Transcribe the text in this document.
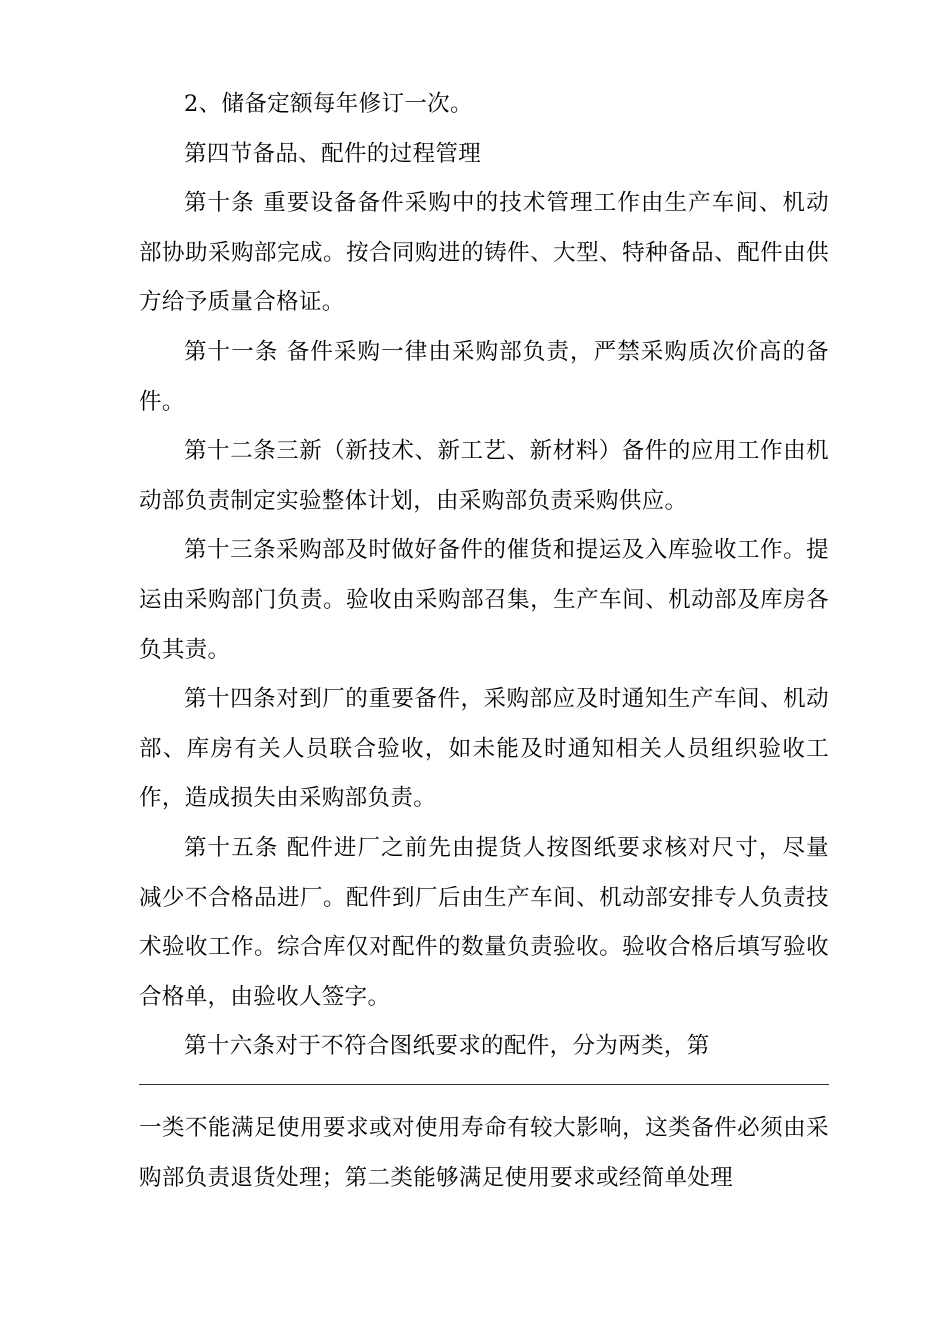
2、储备定额每年修订一次。

第四节备品、配件的过程管理

第十条 重要设备备件采购中的技术管理工作由生产车间、机动部协助采购部完成。按合同购进的铸件、大型、特种备品、配件由供方给予质量合格证。

第十一条 备件采购一律由采购部负责，严禁采购质次价高的备件。

第十二条三新（新技术、新工艺、新材料）备件的应用工作由机动部负责制定实验整体计划，由采购部负责采购供应。

第十三条采购部及时做好备件的催货和提运及入库验收工作。提运由采购部门负责。验收由采购部召集，生产车间、机动部及库房各负其责。

第十四条对到厂的重要备件，采购部应及时通知生产车间、机动部、库房有关人员联合验收，如未能及时通知相关人员组织验收工作，造成损失由采购部负责。

第十五条 配件进厂之前先由提货人按图纸要求核对尺寸，尽量减少不合格品进厂。配件到厂后由生产车间、机动部安排专人负责技术验收工作。综合库仅对配件的数量负责验收。验收合格后填写验收合格单，由验收人签字。

第十六条对于不符合图纸要求的配件，分为两类，第

一类不能满足使用要求或对使用寿命有较大影响，这类备件必须由采购部负责退货处理；第二类能够满足使用要求或经简单处理
